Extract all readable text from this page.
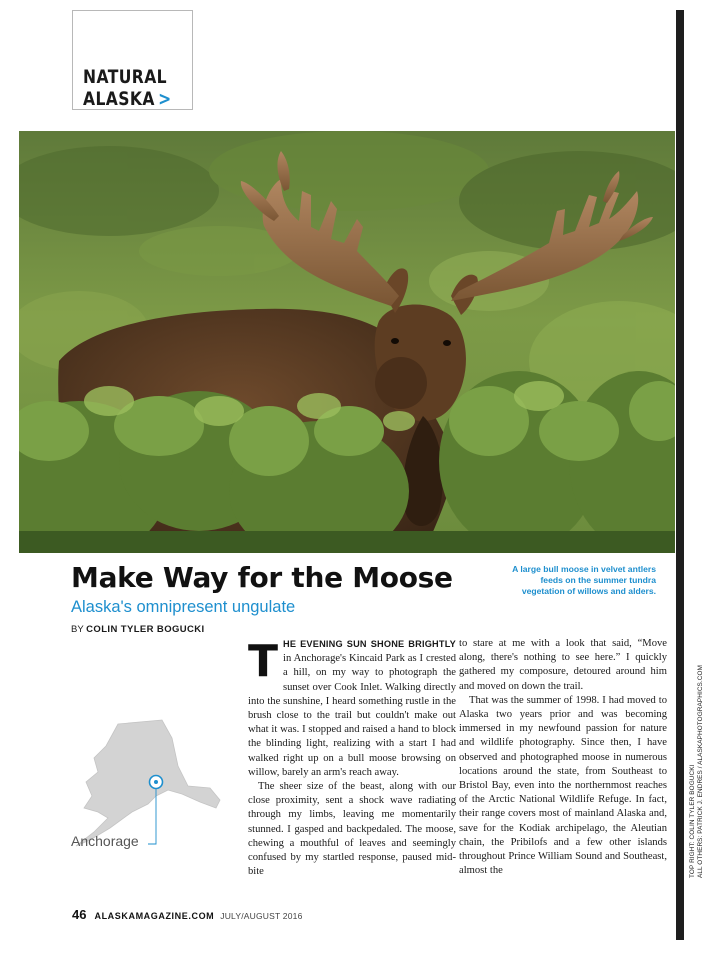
NATURAL
ALASKA >
A large bull moose in velvet antlers
feeds on the summer tundra
vegetation of willows and alders.
Make Way for the Moose
Alaska's omnipresent ungulate
BY COLIN TYLER BOGUCKI

THE EVENING SUN SHONE BRIGHTLY in Anchorage's Kincaid Park as I crested a hill, on my way to photograph the sunset over Cook Inlet. Walking directly into the sunshine, I heard something rustle in the brush close to the trail but couldn't make out what it was. I stopped and raised a hand to block the blinding light, realizing with a start I had walked right up on a bull moose browsing on willow, barely an arm's reach away.

The sheer size of the beast, along with our close proximity, sent a shock wave radiating through my limbs, leaving me momentarily stunned. I gasped and backpedaled. The moose, chewing a mouthful of leaves and seemingly confused by my startled response, paused mid-bite

to stare at me with a look that said, “Move along, there's nothing to see here.” I quickly gathered my composure, detoured around him and moved on down the trail.

That was the summer of 1998. I had moved to Alaska two years prior and was becoming immersed in my newfound passion for nature and wildlife photography. Since then, I have observed and photographed moose in numerous locations around the state, from Southeast to Bristol Bay, even into the northernmost reaches of the Arctic National Wildlife Refuge. In fact, their range covers most of mainland Alaska and, save for the Kodiak archipelago, the Aleutian chain, the Pribilofs and a few other islands throughout Prince William Sound and Southeast, almost the

Anchorage	TOP RIGHT: COLIN TYLER BOGUCKI ALL OTHERS: PATRICK J. ENDRES / ALASKAPHOTOGRAPHICS.COM
46 ALASKAMAGAZINE.COM JULY/AUGUST 2016
